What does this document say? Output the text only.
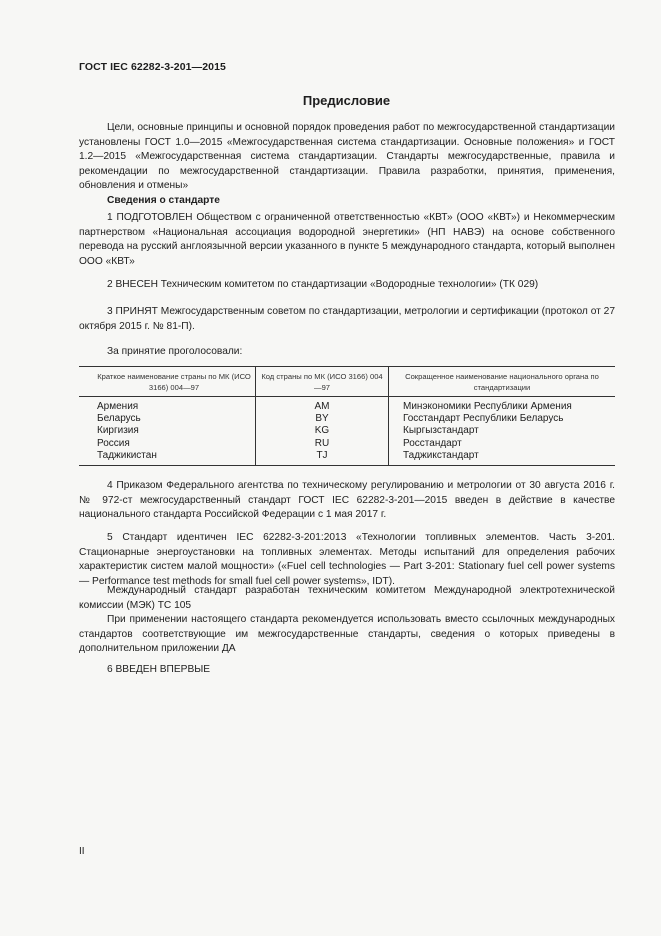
ГОСТ IEC 62282-3-201—2015
Предисловие
Цели, основные принципы и основной порядок проведения работ по межгосударственной стандартизации установлены ГОСТ 1.0—2015 «Межгосударственная система стандартизации. Основные положения» и ГОСТ 1.2—2015 «Межгосударственная система стандартизации. Стандарты межгосударственные, правила и рекомендации по межгосударственной стандартизации. Правила разработки, принятия, применения, обновления и отмены»
Сведения о стандарте
1 ПОДГОТОВЛЕН Обществом с ограниченной ответственностью «КВТ» (ООО «КВТ») и Некоммерческим партнерством «Национальная ассоциация водородной энергетики» (НП НАВЭ) на основе собственного перевода на русский англоязычной версии указанного в пункте 5 международного стандарта, который выполнен ООО «КВТ»
2 ВНЕСЕН Техническим комитетом по стандартизации «Водородные технологии» (ТК 029)
3 ПРИНЯТ Межгосударственным советом по стандартизации, метрологии и сертификации (протокол от 27 октября 2015 г. № 81-П).
За принятие проголосовали:
Краткое наименование страны по МК (ИСО 3166) 004—97	Код страны по МК (ИСО 3166) 004—97	Сокращенное наименование национального органа по стандартизации
Армения	AM	Минэкономики Республики Армения
Беларусь	BY	Госстандарт Республики Беларусь
Киргизия	KG	Кыргызстандарт
Россия	RU	Росстандарт
Таджикистан	TJ	Таджикстандарт
4 Приказом Федерального агентства по техническому регулированию и метрологии от 30 августа 2016 г. № 972-ст межгосударственный стандарт ГОСТ IEC 62282-3-201—2015 введен в действие в качестве национального стандарта Российской Федерации с 1 мая 2017 г.
5 Стандарт идентичен IEC 62282-3-201:2013 «Технологии топливных элементов. Часть 3-201. Стационарные энергоустановки на топливных элементах. Методы испытаний для определения рабочих характеристик систем малой мощности» («Fuel cell technologies — Part 3-201: Stationary fuel cell power systems — Performance test methods for small fuel cell power systems», IDT).
Международный стандарт разработан техническим комитетом Международной электротехнической комиссии (МЭК) ТС 105
При применении настоящего стандарта рекомендуется использовать вместо ссылочных международных стандартов соответствующие им межгосударственные стандарты, сведения о которых приведены в дополнительном приложении ДА
6 ВВЕДЕН ВПЕРВЫЕ
II
